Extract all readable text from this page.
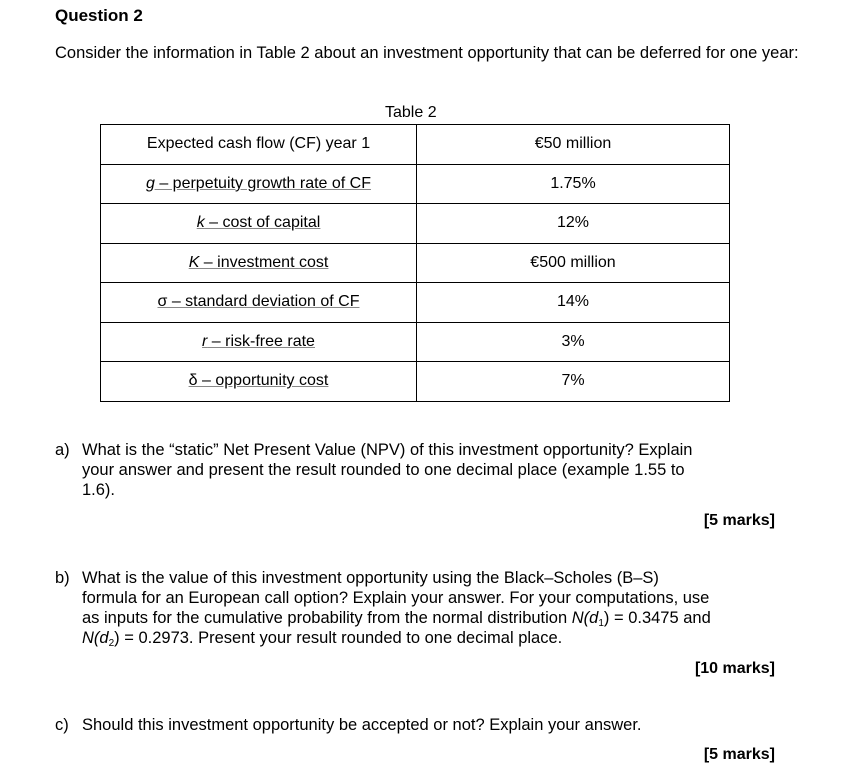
Question 2
Consider the information in Table 2 about an investment opportunity that can be deferred for one year:
Table 2
Expected cash flow (CF) year 1	€50 million
g – perpetuity growth rate of CF	1.75%
k – cost of capital	12%
K – investment cost	€500 million
σ – standard deviation of CF	14%
r – risk-free rate	3%
δ – opportunity cost	7%
a) What is the “static” Net Present Value (NPV) of this investment opportunity? Explain
your answer and present the result rounded to one decimal place (example 1.55 to
1.6).
[5 marks]
b) What is the value of this investment opportunity using the Black–Scholes (B–S)
formula for an European call option? Explain your answer. For your computations, use
as inputs for the cumulative probability from the normal distribution $N(d_1) = 0.3475$ and
$N(d_2) = 0.2973$. Present your result rounded to one decimal place.
[10 marks]
c) Should this investment opportunity be accepted or not? Explain your answer.
[5 marks]
